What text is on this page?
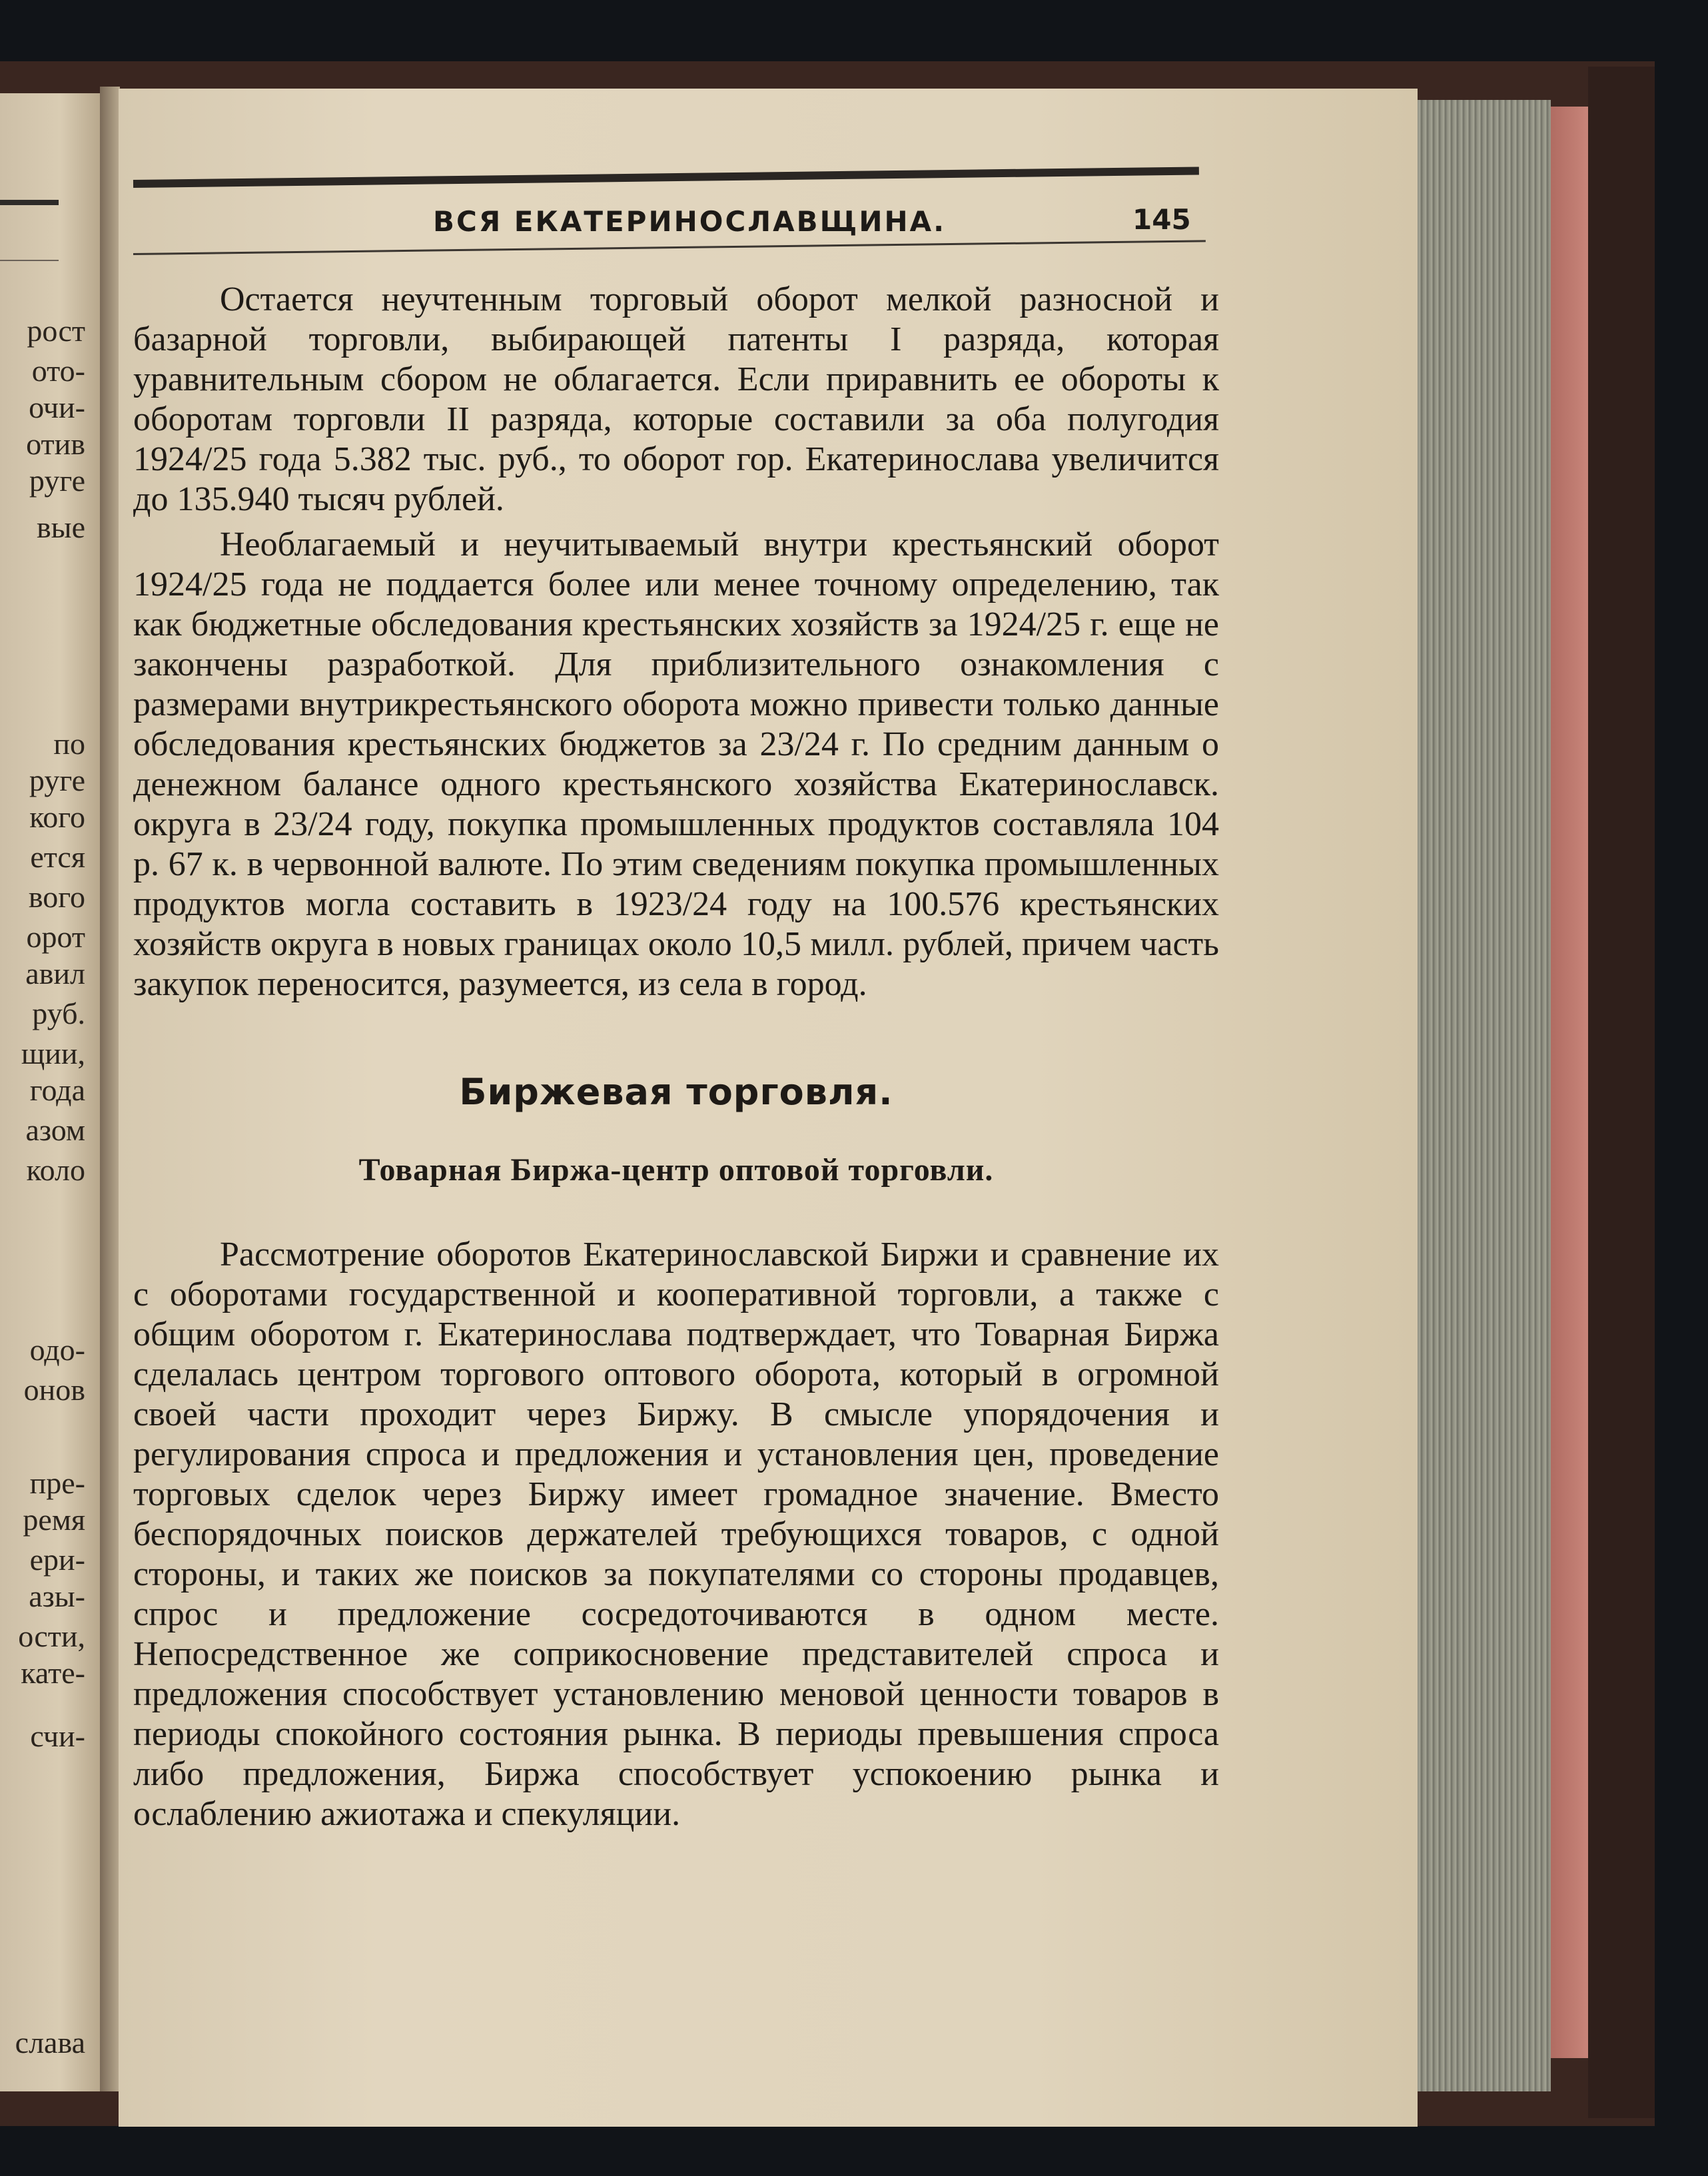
рост
ото-
очи-
отив
руге
вые
по
руге
кого
ется
вого
орот
авил
руб.
щии,
года
азом
коло
одо-
онов
пре-
ремя
ери-
азы-
ости,
кате-
счи-
слава
ВСЯ ЕКАТЕРИНОСЛАВЩИНА.	145

Остается неучтенным торговый оборот мелкой разносной и базарной торговли, выбирающей патенты I разряда, которая уравнительным сбором не облагается. Если приравнить ее обороты к оборотам торговли II разряда, которые составили за оба полугодия 1924/25 года 5.382 тыс. руб., то оборот гор. Екатеринослава увеличится до 135.940 тысяч рублей.

Необлагаемый и неучитываемый внутри крестьянский оборот 1924/25 года не поддается более или менее точному определению, так как бюджетные обследования крестьянских хозяйств за 1924/25 г. еще не закончены разработкой. Для приблизительного ознакомления с размерами внутрикрестьянского оборота можно привести только данные обследования крестьянских бюджетов за 23/24 г. По средним данным о денежном балансе одного крестьянского хозяйства Екатеринославск. округа в 23/24 году, покупка промышленных продуктов составляла 104 р. 67 к. в червонной валюте. По этим сведениям покупка промышленных продуктов могла составить в 1923/24 году на 100.576 крестьянских хозяйств округа в новых границах около 10,5 милл. рублей, причем часть закупок переносится, разумеется, из села в город.

Биржевая торговля.
Товарная Биржа-центр оптовой торговли.

Рассмотрение оборотов Екатеринославской Биржи и сравнение их с оборотами государственной и кооперативной торговли, а также с общим оборотом г. Екатеринослава подтверждает, что Товарная Биржа сделалась центром торгового оптового оборота, который в огромной своей части проходит через Биржу. В смысле упорядочения и регулирования спроса и предложения и установления цен, проведение торговых сделок через Биржу имеет громадное значение. Вместо беспорядочных поисков держателей требующихся товаров, с одной стороны, и таких же поисков за покупателями со стороны продавцев, спрос и предложение сосредоточиваются в одном месте. Непосредственное же соприкосновение представителей спроса и предложения способствует установлению меновой ценности товаров в периоды спокойного состояния рынка. В периоды превышения спроса либо предложения, Биржа способствует успокоению рынка и ослаблению ажиотажа и спекуляции.
